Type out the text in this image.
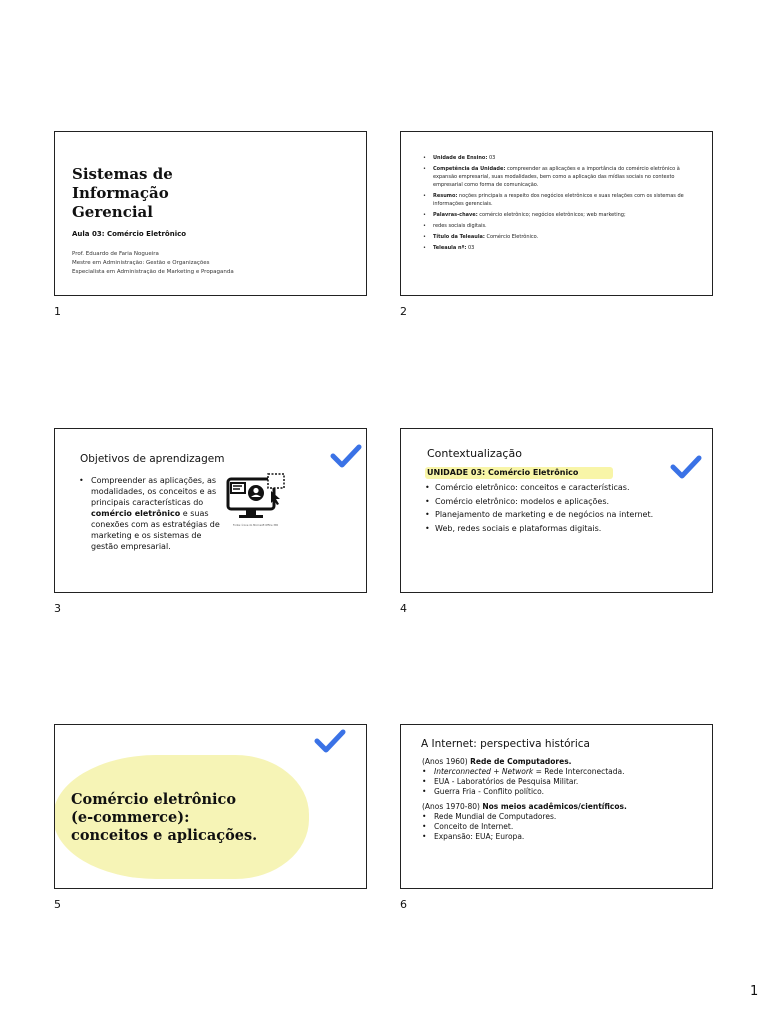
Sistemas de
Informação
Gerencial
Aula 03: Comércio Eletrônico
Prof. Eduardo de Faria Nogueira
Mestre em Administração: Gestão e Organizações
Especialista em Administração de Marketing e Propaganda
1
• Unidade de Ensino: 03
• Competência da Unidade: compreender as aplicações e a importância do comércio eletrônico à expansão empresarial, suas modalidades, bem como a aplicação das mídias sociais no contexto empresarial como forma de comunicação.
• Resumo: noções principais a respeito dos negócios eletrônicos e suas relações com os sistemas de informações gerenciais.
• Palavras-chave: comércio eletrônico; negócios eletrônicos; web marketing;
• redes sociais digitais.
• Título da Teleaula: Comércio Eletrônico.
• Teleaula nº: 03
2
Objetivos de aprendizagem
• Compreender as aplicações, as modalidades, os conceitos e as principais características do comércio eletrônico e suas conexões com as estratégias de marketing e os sistemas de gestão empresarial.
Fonte: Ícone do Microsoft Office 365
3
Contextualização
UNIDADE 03: Comércio Eletrônico
• Comércio eletrônico: conceitos e características.
• Comércio eletrônico: modelos e aplicações.
• Planejamento de marketing e de negócios na internet.
• Web, redes sociais e plataformas digitais.
4
Comércio eletrônico
(e-commerce):
conceitos e aplicações.
5
A Internet: perspectiva histórica

(Anos 1960) Rede de Computadores.

• Interconnected + Network = Rede Interconectada.
• EUA - Laboratórios de Pesquisa Militar.
• Guerra Fria - Conflito político.

(Anos 1970-80) Nos meios acadêmicos/científicos.

• Rede Mundial de Computadores.
• Conceito de Internet.
• Expansão: EUA; Europa.
6
1
